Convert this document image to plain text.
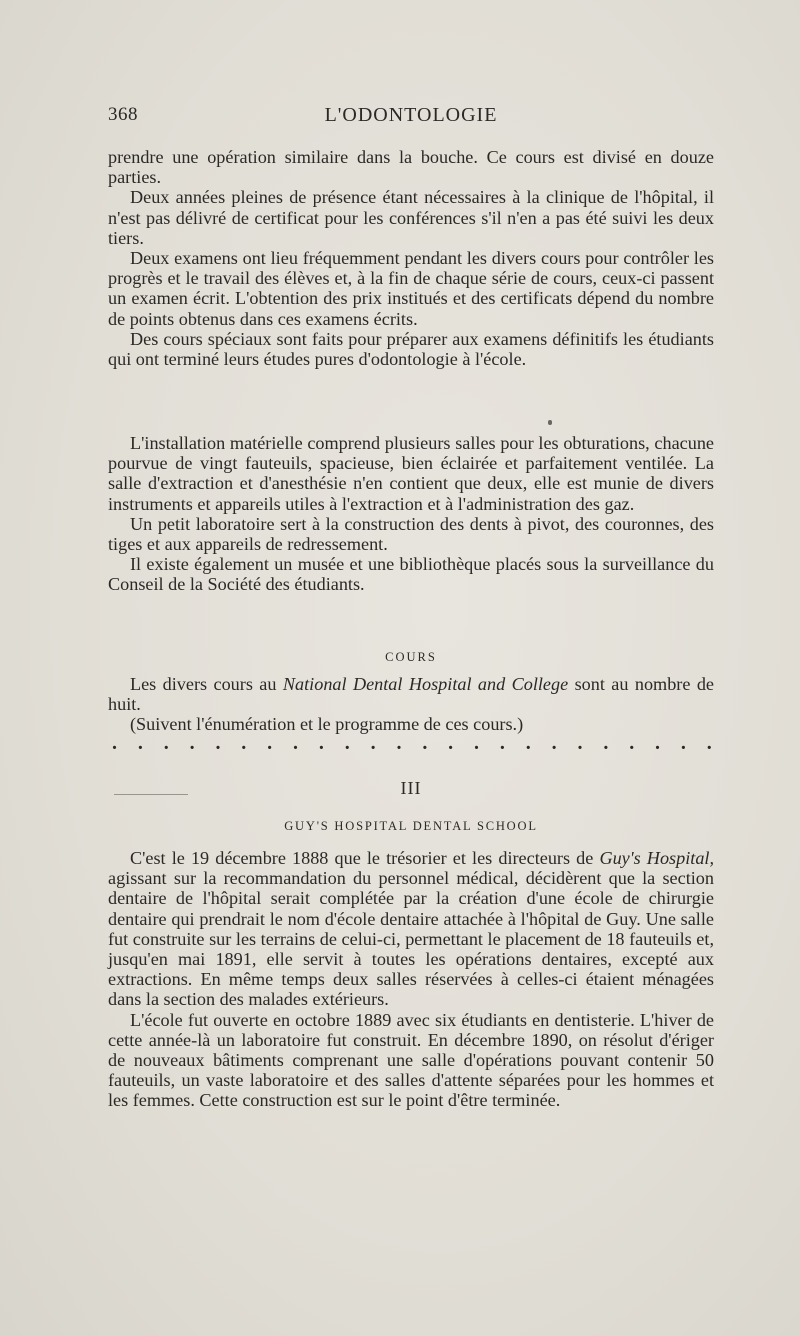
368	L'ODONTOLOGIE

prendre une opération similaire dans la bouche. Ce cours est divisé en douze parties.

Deux années pleines de présence étant nécessaires à la clinique de l'hôpital, il n'est pas délivré de certificat pour les conférences s'il n'en a pas été suivi les deux tiers.

Deux examens ont lieu fréquemment pendant les divers cours pour contrôler les progrès et le travail des élèves et, à la fin de chaque série de cours, ceux-ci passent un examen écrit. L'obtention des prix institués et des certificats dépend du nombre de points obtenus dans ces examens écrits.

Des cours spéciaux sont faits pour préparer aux examens définitifs les étudiants qui ont terminé leurs études pures d'odontologie à l'école.

L'installation matérielle comprend plusieurs salles pour les obturations, chacune pourvue de vingt fauteuils, spacieuse, bien éclairée et parfaitement ventilée. La salle d'extraction et d'anesthésie n'en contient que deux, elle est munie de divers instruments et appareils utiles à l'extraction et à l'administration des gaz.

Un petit laboratoire sert à la construction des dents à pivot, des couronnes, des tiges et aux appareils de redressement.

Il existe également un musée et une bibliothèque placés sous la surveillance du Conseil de la Société des étudiants.

COURS

Les divers cours au National Dental Hospital and College sont au nombre de huit.

(Suivent l'énumération et le programme de ces cours.)

. . . . . . . . . . . . . . . . . . . . . . . .
III
GUY'S HOSPITAL DENTAL SCHOOL

C'est le 19 décembre 1888 que le trésorier et les directeurs de Guy's Hospital, agissant sur la recommandation du personnel médical, décidèrent que la section dentaire de l'hôpital serait complétée par la création d'une école de chirurgie dentaire qui prendrait le nom d'école dentaire attachée à l'hôpital de Guy. Une salle fut construite sur les terrains de celui-ci, permettant le placement de 18 fauteuils et, jusqu'en mai 1891, elle servit à toutes les opérations dentaires, excepté aux extractions. En même temps deux salles réservées à celles-ci étaient ménagées dans la section des malades extérieurs.

L'école fut ouverte en octobre 1889 avec six étudiants en dentisterie. L'hiver de cette année-là un laboratoire fut construit. En décembre 1890, on résolut d'ériger de nouveaux bâtiments comprenant une salle d'opérations pouvant contenir 50 fauteuils, un vaste laboratoire et des salles d'attente séparées pour les hommes et les femmes. Cette construction est sur le point d'être terminée.
